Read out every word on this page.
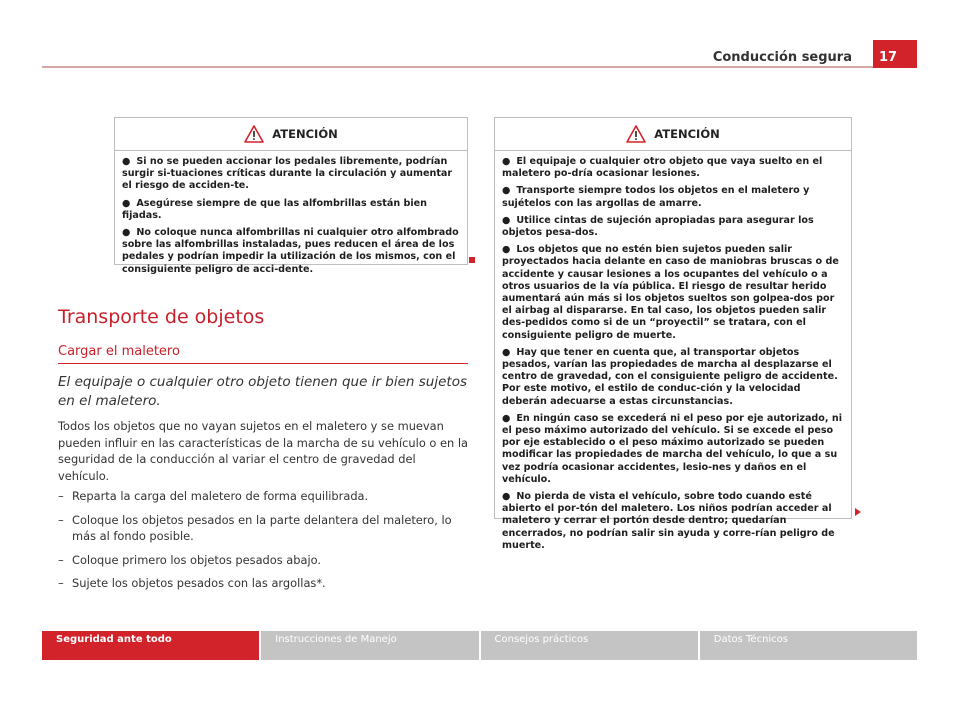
Conducción segura	17
ATENCIÓN

● Si no se pueden accionar los pedales libremente, podrían surgir si-tuaciones críticas durante la circulación y aumentar el riesgo de acciden-te.

● Asegúrese siempre de que las alfombrillas están bien fijadas.

● No coloque nunca alfombrillas ni cualquier otro alfombrado sobre las alfombrillas instaladas, pues reducen el área de los pedales y podrían impedir la utilización de los mismos, con el consiguiente peligro de acci-dente.

Transporte de objetos
Cargar el maletero
El equipaje o cualquier otro objeto tienen que ir bien sujetos en el maletero.
Todos los objetos que no vayan sujetos en el maletero y se muevan pueden influir en las características de la marcha de su vehículo o en la seguridad de la conducción al variar el centro de gravedad del vehículo.
– Reparta la carga del maletero de forma equilibrada.
– Coloque los objetos pesados en la parte delantera del maletero, lo más al fondo posible.
– Coloque primero los objetos pesados abajo.
– Sujete los objetos pesados con las argollas*.
ATENCIÓN

● El equipaje o cualquier otro objeto que vaya suelto en el maletero po-dría ocasionar lesiones.

● Transporte siempre todos los objetos en el maletero y sujételos con las argollas de amarre.

● Utilice cintas de sujeción apropiadas para asegurar los objetos pesa-dos.

● Los objetos que no estén bien sujetos pueden salir proyectados hacia delante en caso de maniobras bruscas o de accidente y causar lesiones a los ocupantes del vehículo o a otros usuarios de la vía pública. El riesgo de resultar herido aumentará aún más si los objetos sueltos son golpea-dos por el airbag al dispararse. En tal caso, los objetos pueden salir des-pedidos como si de un “proyectil” se tratara, con el consiguiente peligro de muerte.

● Hay que tener en cuenta que, al transportar objetos pesados, varían las propiedades de marcha al desplazarse el centro de gravedad, con el consiguiente peligro de accidente. Por este motivo, el estilo de conduc-ción y la velocidad deberán adecuarse a estas circunstancias.

● En ningún caso se excederá ni el peso por eje autorizado, ni el peso máximo autorizado del vehículo. Si se excede el peso por eje establecido o el peso máximo autorizado se pueden modificar las propiedades de marcha del vehículo, lo que a su vez podría ocasionar accidentes, lesio-nes y daños en el vehículo.

● No pierda de vista el vehículo, sobre todo cuando esté abierto el por-tón del maletero. Los niños podrían acceder al maletero y cerrar el portón desde dentro; quedarían encerrados, no podrían salir sin ayuda y corre-rían peligro de muerte.

Seguridad ante todo	Instrucciones de Manejo	Consejos prácticos	Datos Técnicos
